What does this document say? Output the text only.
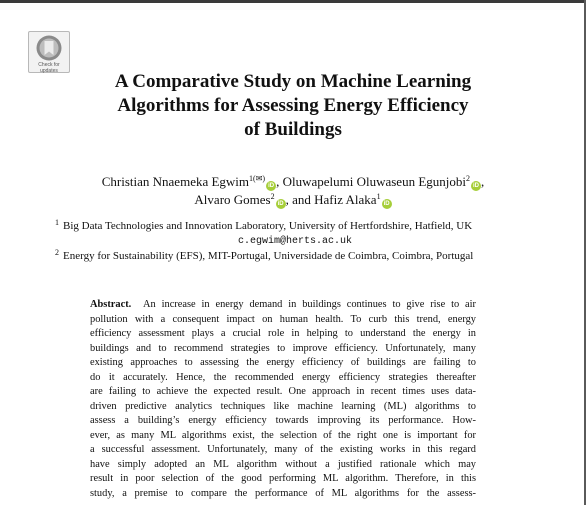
Check for
updates	A Comparative Study on Machine Learning
Algorithms for Assessing Energy Efficiency
of Buildings
Christian Nnaemeka Egwim$^{1(✉)}$iD , Oluwapelumi Oluwaseun Egunjobi$^2$iD ,
Alvaro Gomes$^2$iD , and Hafiz Alaka$^1$iD
$^1$ Big Data Technologies and Innovation Laboratory, University of Hertfordshire, Hatfield, UK
c.egwim@herts.ac.uk
$^2$ Energy for Sustainability (EFS), MIT-Portugal, Universidade de Coimbra, Coimbra, Portugal
Abstract. An increase in energy demand in buildings continues to give rise to air
pollution with a consequent impact on human health. To curb this trend, energy
efficiency assessment plays a crucial role in helping to understand the energy in
buildings and to recommend strategies to improve efficiency. Unfortunately, many
existing approaches to assessing the energy efficiency of buildings are failing to
do it accurately. Hence, the recommended energy efficiency strategies thereafter
are failing to achieve the expected result. One approach in recent times uses data-
driven predictive analytics techniques like machine learning (ML) algorithms to
assess a building’s energy efficiency towards improving its performance. How-
ever, as many ML algorithms exist, the selection of the right one is important for
a successful assessment. Unfortunately, many of the existing works in this regard
have simply adopted an ML algorithm without a justified rationale which may
result in poor selection of the good performing ML algorithm. Therefore, in this
study, a premise to compare the performance of ML algorithms for the assess-
